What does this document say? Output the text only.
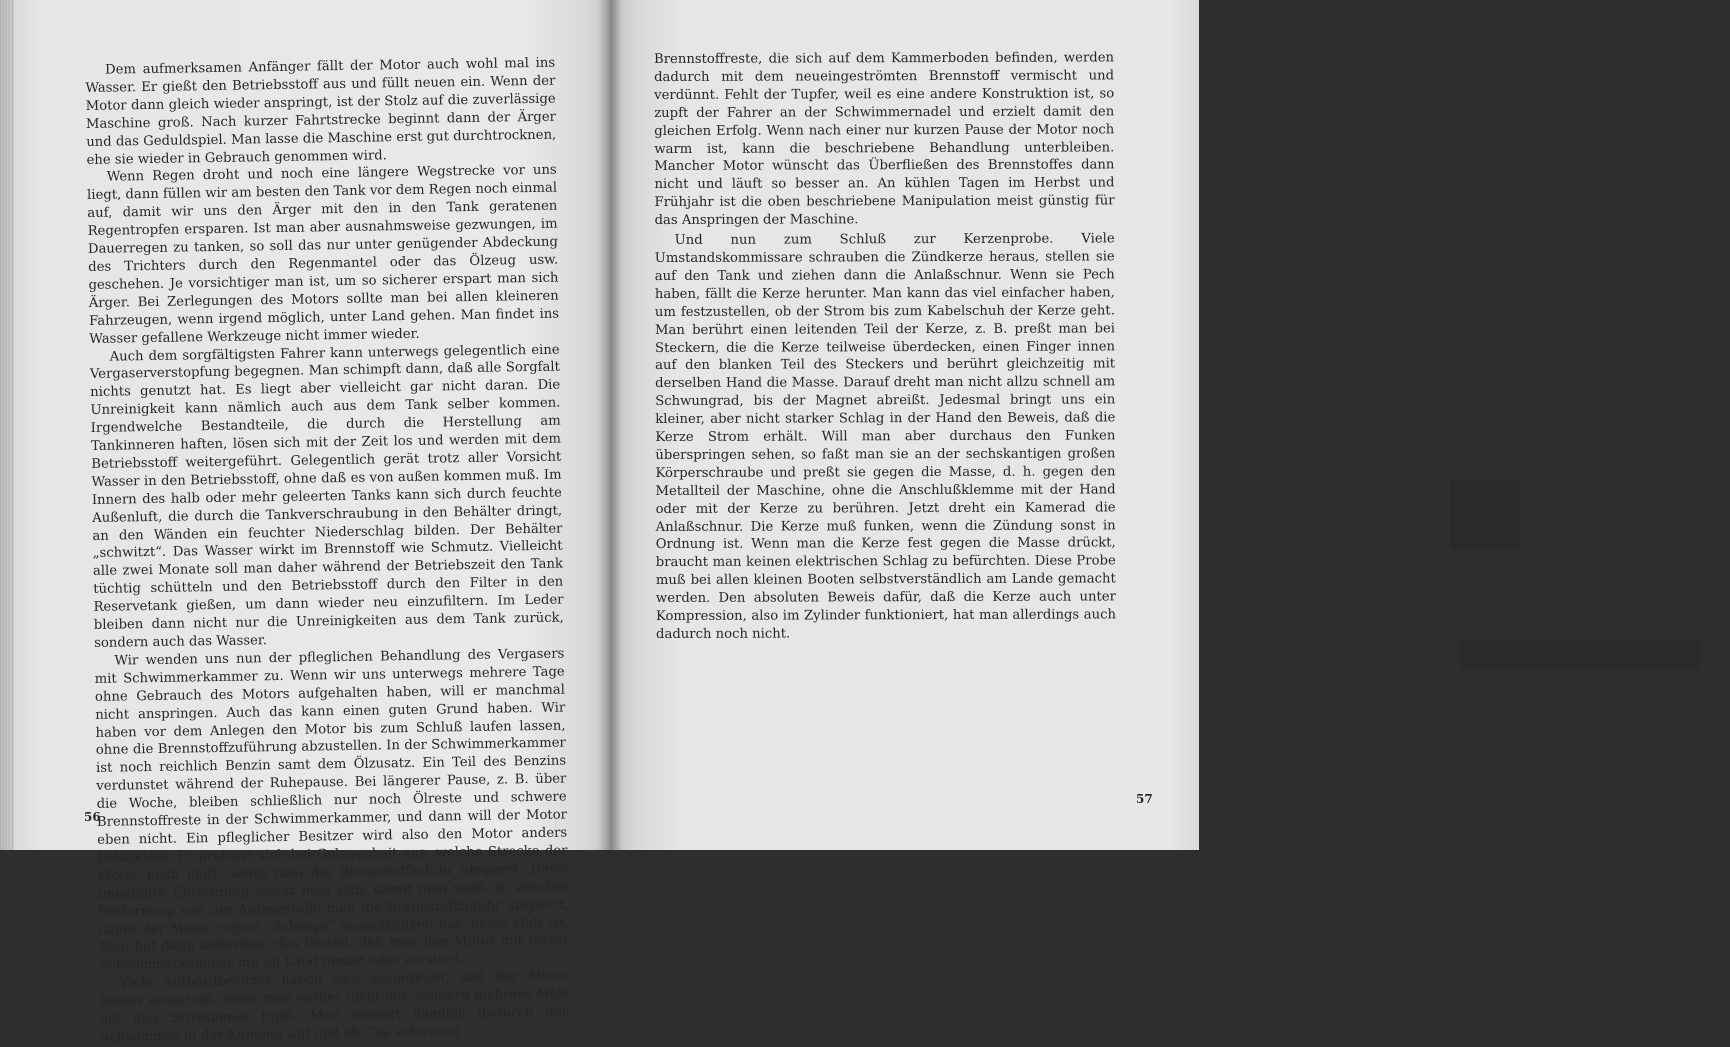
Dem aufmerksamen Anfänger fällt der Motor auch wohl mal ins Wasser. Er gießt den Betriebsstoff aus und füllt neuen ein. Wenn der Motor dann gleich wieder anspringt, ist der Stolz auf die zuverlässige Maschine groß. Nach kurzer Fahrtstrecke beginnt dann der Ärger und das Geduldspiel. Man lasse die Maschine erst gut durchtrocknen, ehe sie wieder in Gebrauch genommen wird.

Wenn Regen droht und noch eine längere Wegstrecke vor uns liegt, dann füllen wir am besten den Tank vor dem Regen noch einmal auf, damit wir uns den Ärger mit den in den Tank geratenen Regentropfen ersparen. Ist man aber ausnahmsweise gezwungen, im Dauerregen zu tanken, so soll das nur unter genügender Abdeckung des Trichters durch den Regenmantel oder das Ölzeug usw. geschehen. Je vorsichtiger man ist, um so sicherer erspart man sich Ärger. Bei Zerlegungen des Motors sollte man bei allen kleineren Fahrzeugen, wenn irgend möglich, unter Land gehen. Man findet ins Wasser gefallene Werkzeuge nicht immer wieder.

Auch dem sorgfältigsten Fahrer kann unterwegs gelegentlich eine Vergaserverstopfung begegnen. Man schimpft dann, daß alle Sorgfalt nichts genutzt hat. Es liegt aber vielleicht gar nicht daran. Die Unreinigkeit kann nämlich auch aus dem Tank selber kommen. Irgendwelche Bestandteile, die durch die Herstellung am Tankinneren haften, lösen sich mit der Zeit los und werden mit dem Betriebsstoff weitergeführt. Gelegentlich gerät trotz aller Vorsicht Wasser in den Betriebsstoff, ohne daß es von außen kommen muß. Im Innern des halb oder mehr geleerten Tanks kann sich durch feuchte Außenluft, die durch die Tankverschraubung in den Behälter dringt, an den Wänden ein feuchter Niederschlag bilden. Der Behälter „schwitzt“. Das Wasser wirkt im Brennstoff wie Schmutz. Vielleicht alle zwei Monate soll man daher während der Betriebszeit den Tank tüchtig schütteln und den Betriebsstoff durch den Filter in den Reservetank gießen, um dann wieder neu einzufiltern. Im Leder bleiben dann nicht nur die Unreinigkeiten aus dem Tank zurück, sondern auch das Wasser.

Wir wenden uns nun der pfleglichen Behandlung des Vergasers mit Schwimmerkammer zu. Wenn wir uns unterwegs mehrere Tage ohne Gebrauch des Motors aufgehalten haben, will er manchmal nicht anspringen. Auch das kann einen guten Grund haben. Wir haben vor dem Anlegen den Motor bis zum Schluß laufen lassen, ohne die Brennstoffzuführung abzustellen. In der Schwimmerkammer ist noch reichlich Benzin samt dem Ölzusatz. Ein Teil des Benzins verdunstet während der Ruhepause. Bei längerer Pause, z. B. über die Woche, bleiben schließlich nur noch Ölreste und schwere Brennstoffreste in der Schwimmerkammer, und dann will der Motor eben nicht. Ein pfleglicher Besitzer wird also den Motor anders behandeln. Er probiert sich bei Gelegenheit aus, welche Strecke der Motor noch läuft, wenn man die Brennstoffzufuhr absperrt. Diese ungefähre Entfernung merkt man sich, damit man weiß, in welcher Entfernung von der Anlegestelle man die Brennstoffzufuhr absperrt, damit der Motor seinen „Schnaps“ ausgetrunken hat, bevor Halt ist. Man hat dann außerdem den Vorteil, daß man den Motor mit leerer Schwimmerkammer mit an Land nimmt oder verstaut.

Viele Autbordbesitzer haben sich ausgeprobt, daß der Motor besser anspringt, wenn man vorher nicht ein, sondern mehrere Male auf den Schwimmer tupft. Man bewegt nämlich dadurch den Schwimmer in der Kammer auf und ab. Die schweren

56

Brennstoffreste, die sich auf dem Kammerboden befinden, werden dadurch mit dem neueingeströmten Brennstoff vermischt und verdünnt. Fehlt der Tupfer, weil es eine andere Konstruktion ist, so zupft der Fahrer an der Schwimmernadel und erzielt damit den gleichen Erfolg. Wenn nach einer nur kurzen Pause der Motor noch warm ist, kann die beschriebene Behandlung unterbleiben. Mancher Motor wünscht das Überfließen des Brennstoffes dann nicht und läuft so besser an. An kühlen Tagen im Herbst und Frühjahr ist die oben beschriebene Manipulation meist günstig für das Anspringen der Maschine.

Und nun zum Schluß zur Kerzenprobe. Viele Umstandskommissare schrauben die Zündkerze heraus, stellen sie auf den Tank und ziehen dann die Anlaßschnur. Wenn sie Pech haben, fällt die Kerze herunter. Man kann das viel einfacher haben, um festzustellen, ob der Strom bis zum Kabelschuh der Kerze geht. Man berührt einen leitenden Teil der Kerze, z. B. preßt man bei Steckern, die die Kerze teilweise überdecken, einen Finger innen auf den blanken Teil des Steckers und berührt gleichzeitig mit derselben Hand die Masse. Darauf dreht man nicht allzu schnell am Schwungrad, bis der Magnet abreißt. Jedesmal bringt uns ein kleiner, aber nicht starker Schlag in der Hand den Beweis, daß die Kerze Strom erhält. Will man aber durchaus den Funken überspringen sehen, so faßt man sie an der sechskantigen großen Körperschraube und preßt sie gegen die Masse, d. h. gegen den Metallteil der Maschine, ohne die Anschlußklemme mit der Hand oder mit der Kerze zu berühren. Jetzt dreht ein Kamerad die Anlaßschnur. Die Kerze muß funken, wenn die Zündung sonst in Ordnung ist. Wenn man die Kerze fest gegen die Masse drückt, braucht man keinen elektrischen Schlag zu befürchten. Diese Probe muß bei allen kleinen Booten selbstverständlich am Lande gemacht werden. Den absoluten Beweis dafür, daß die Kerze auch unter Kompression, also im Zylinder funktioniert, hat man allerdings auch dadurch noch nicht.

57
